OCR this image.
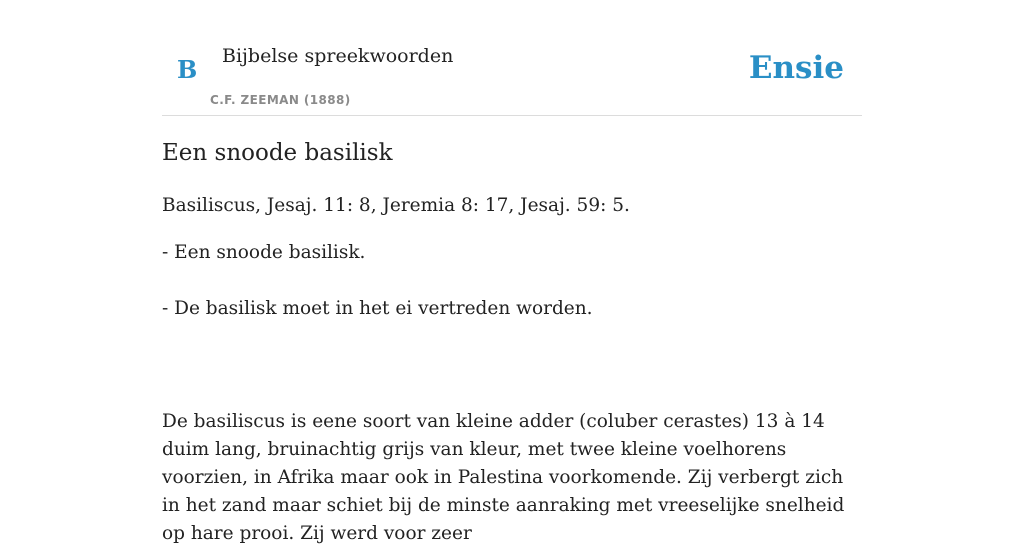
B Bijbelse spreekwoorden
C.F. ZEEMAN (1888)
Ensie
Een snoode basilisk

Basiliscus, Jesaj. 11: 8, Jeremia 8: 17, Jesaj. 59: 5.

- Een snoode basilisk.

- De basilisk moet in het ei vertreden worden.

De basiliscus is eene soort van kleine adder (coluber cerastes) 13 à 14 duim lang, bruinachtig grijs van kleur, met twee kleine voelhorens voorzien, in Afrika maar ook in Palestina voorkomende. Zij verbergt zich in het zand maar schiet bij de minste aanraking met vreeselijke snelheid op hare prooi. Zij werd voor zeer
